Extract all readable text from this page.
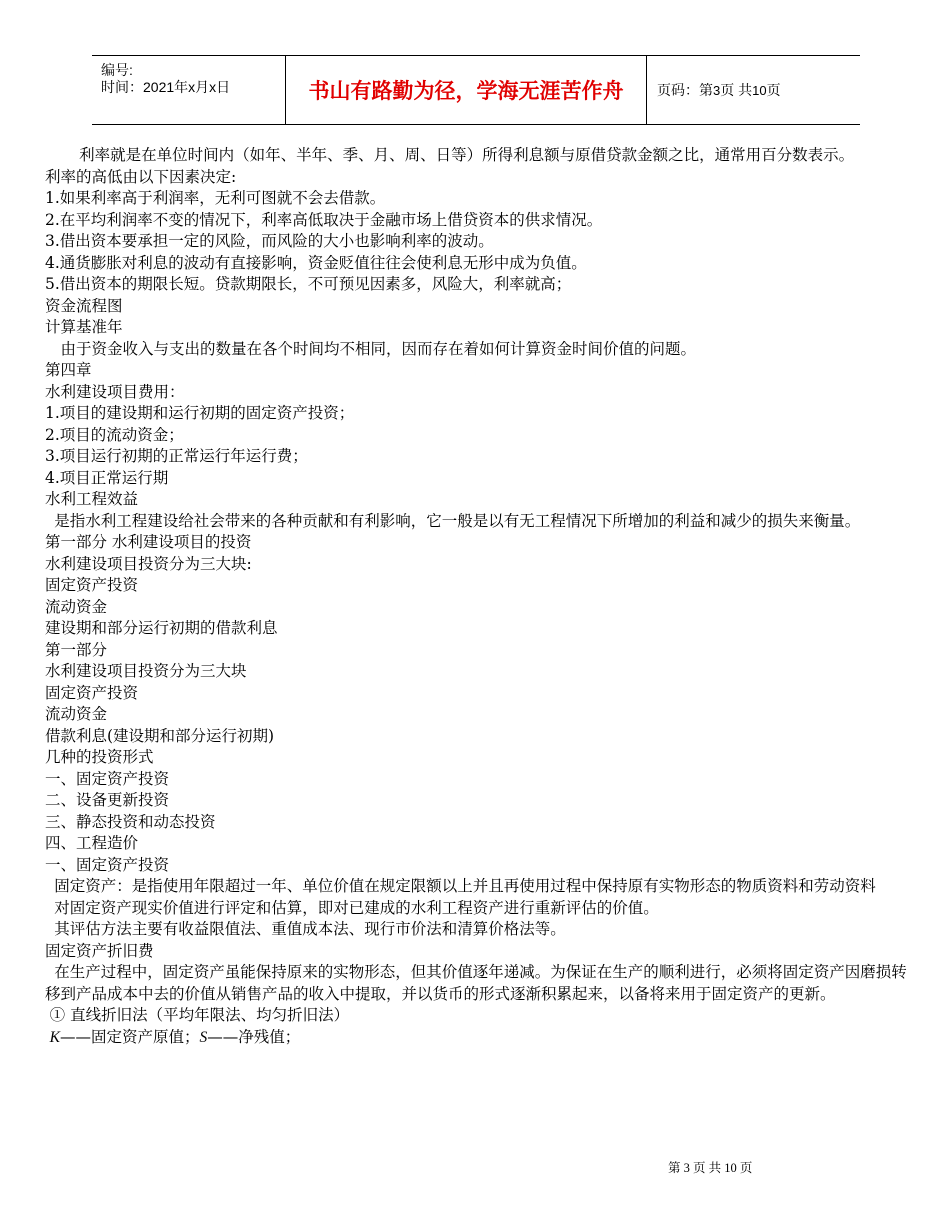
编号:
时间：2021年x月x日	书山有路勤为径，学海无涯苦作舟 页码：第 3 页 共 10 页

利率就是在单位时间内（如年、半年、季、月、周、日等）所得利息额与原借贷款金额之比，通常用百分数表示。

利率的高低由以下因素决定:

1.如果利率高于利润率，无利可图就不会去借款。

2.在平均利润率不变的情况下，利率高低取决于金融市场上借贷资本的供求情况。

3.借出资本要承担一定的风险，而风险的大小也影响利率的波动。

4.通货膨胀对利息的波动有直接影响，资金贬值往往会使利息无形中成为负值。

5.借出资本的期限长短。贷款期限长，不可预见因素多，风险大，利率就高；

资金流程图

计算基准年

由于资金收入与支出的数量在各个时间均不相同，因而存在着如何计算资金时间价值的问题。

第四章

水利建设项目费用：

1.项目的建设期和运行初期的固定资产投资；

2.项目的流动资金；

3.项目运行初期的正常运行年运行费；

4.项目正常运行期

水利工程效益

是指水利工程建设给社会带来的各种贡献和有利影响，它一般是以有无工程情况下所增加的利益和减少的损失来衡量。

第一部分 水利建设项目的投资

水利建设项目投资分为三大块:

固定资产投资

流动资金

建设期和部分运行初期的借款利息

第一部分

水利建设项目投资分为三大块

固定资产投资

流动资金

借款利息(建设期和部分运行初期)

几种的投资形式

一、固定资产投资

二、设备更新投资

三、静态投资和动态投资

四、工程造价

一、固定资产投资

固定资产：是指使用年限超过一年、单位价值在规定限额以上并且再使用过程中保持原有实物形态的物质资料和劳动资料

对固定资产现实价值进行评定和估算，即对已建成的水利工程资产进行重新评估的价值。

其评估方法主要有收益限值法、重值成本法、现行市价法和清算价格法等。

固定资产折旧费

在生产过程中，固定资产虽能保持原来的实物形态，但其价值逐年递减。为保证在生产的顺利进行，必须将固定资产因磨损转移到产品成本中去的价值从销售产品的收入中提取，并以货币的形式逐渐积累起来，以备将来用于固定资产的更新。

① 直线折旧法（平均年限法、均匀折旧法）

K——固定资产原值；S——净残值；

第 3 页 共 10 页
